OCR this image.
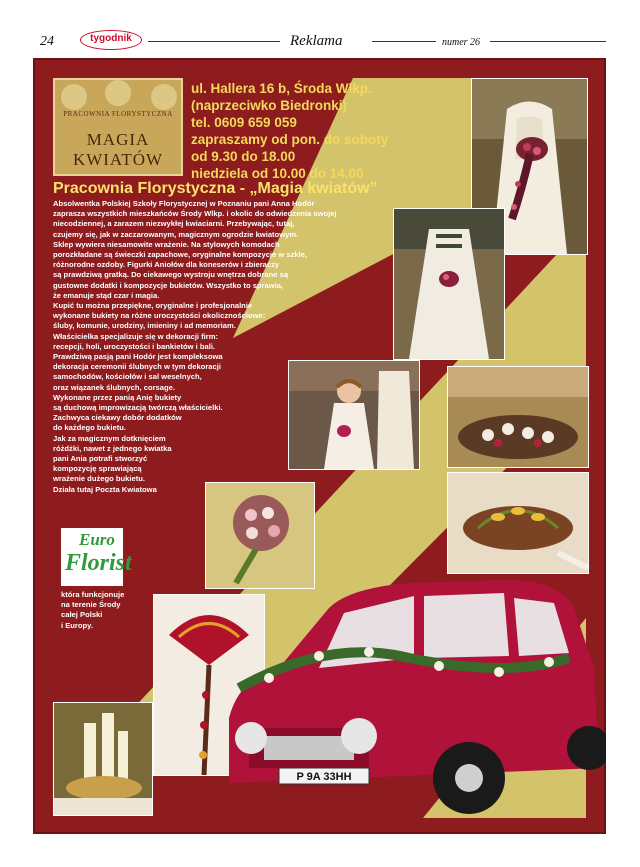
24	tygodnik	Reklama	numer 26
PRACOWNIA FLORYSTYCZNA
MAGIA
KWIATÓW
ul. Hallera 16 b, Środa Wlkp.
(naprzeciwko Biedronki)
tel. 0609 659 059
zapraszamy od pon. do soboty
od 9.30 do 18.00
niedziela od 10.00 do 14.00
Pracownia Florystyczna - „Magia kwiatów”
Absolwentka Polskiej Szkoły Florystycznej w Poznaniu pani Anna Hodór
zaprasza wszystkich mieszkańców Środy Wlkp. i okolic do odwiedzenia swojej
niecodziennej, a zarazem niezwykłej kwiaciarni. Przebywając, tutaj,
czujemy się, jak w zaczarowanym, magicznym ogrodzie kwiatowym.
Sklep wywiera niesamowite wrażenie. Na stylowych komodach
porozkładane są świeczki zapachowe, oryginalne kompozycje w szkle,
różnorodne ozdoby. Figurki Aniołów dla koneserów i zbieraczy
są prawdziwą gratką. Do ciekawego wystroju wnętrza dobrane są
gustowne dodatki i kompozycje bukietów. Wszystko to sprawia,
że emanuje stąd czar i magia.
Kupić tu można przepiękne, oryginalne i profesjonalnie
wykonane bukiety na różne uroczystości okolicznościowe:
śluby, komunie, urodziny, imieniny i ad memoriam.
Właścicielka specjalizuje się w dekoracji firm:
recepcji, holi, uroczystości i bankietów i bali.
Prawdziwą pasją pani Hodór jest kompleksowa
dekoracja ceremonii ślubnych w tym dekoracji
samochodów, kościołów i sal weselnych,
oraz wiązanek ślubnych, corsage.
Wykonane przez panią Anię bukiety
są duchową improwizacją twórczą właścicielki.
Zachwyca ciekawy dobór dodatków
do każdego bukietu.
Jak za magicznym dotknięciem
różdżki, nawet z jednego kwiatka
pani Ania potrafi stworzyć
kompozycję sprawiającą
wrażenie dużego bukietu.
Działa tutaj Poczta Kwiatowa
Euro
Florist
która funkcjonuje
na terenie Środy
całej Polski
i Europy.
P 9A 33HH
